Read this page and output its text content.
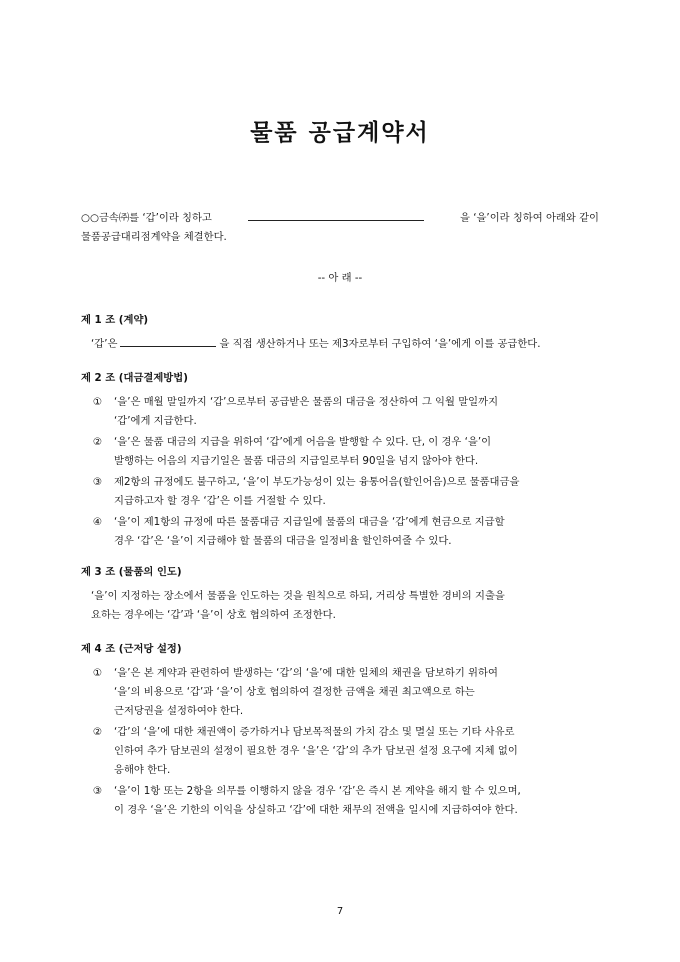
물품 공급계약서
○○금속㈜를 ‘갑’이라 칭하고	을 ‘을’이라 칭하여 아래와 같이
물품공급대리점계약을 체결한다.
-- 아 래 --
제 1 조 (계약)
‘갑’은	을 직접 생산하거나 또는 제3자로부터 구입하여 ‘을’에게 이를 공급한다.
제 2 조 (대금결제방법)
①	‘을’은 매월 말일까지 ‘갑’으로부터 공급받은 물품의 대금을 정산하여 그 익월 말일까지
‘갑’에게 지급한다.
②	‘을’은 물품 대금의 지급을 위하여 ‘갑’에게 어음을 발행할 수 있다. 단, 이 경우 ‘을’이
발행하는 어음의 지급기일은 물품 대금의 지급일로부터 90일을 넘지 않아야 한다.
③	제2항의 규정에도 불구하고, ‘을’이 부도가능성이 있는 융통어음(할인어음)으로 물품대금을
지급하고자 할 경우 ‘갑’은 이를 거절할 수 있다.
④	‘을’이 제1항의 규정에 따른 물품대금 지급일에 물품의 대금을 ‘갑’에게 현금으로 지급할
경우 ‘갑’은 ‘을’이 지급해야 할 물품의 대금을 일정비율 할인하여줄 수 있다.
제 3 조 (물품의 인도)
‘을’이 지정하는 장소에서 물품을 인도하는 것을 원칙으로 하되, 거리상 특별한 경비의 지출을
요하는 경우에는 ‘갑’과 ‘을’이 상호 협의하여 조정한다.
제 4 조 (근저당 설정)
①	‘을’은 본 계약과 관련하여 발생하는 ‘갑’의 ‘을’에 대한 일체의 채권을 담보하기 위하여
‘을’의 비용으로 ‘갑’과 ‘을’이 상호 협의하여 결정한 금액을 채권 최고액으로 하는
근저당권을 설정하여야 한다.
②	‘갑’의 ‘을’에 대한 채권액이 증가하거나 담보목적물의 가치 감소 및 멸실 또는 기타 사유로
인하여 추가 담보권의 설정이 필요한 경우 ‘을’은 ‘갑’의 추가 담보권 설정 요구에 지체 없이
응해야 한다.
③	‘을’이 1항 또는 2항을 의무를 이행하지 않을 경우 ‘갑’은 즉시 본 계약을 해지 할 수 있으며,
이 경우 ‘을’은 기한의 이익을 상실하고 ‘갑’에 대한 채무의 전액을 일시에 지급하여야 한다.
7
